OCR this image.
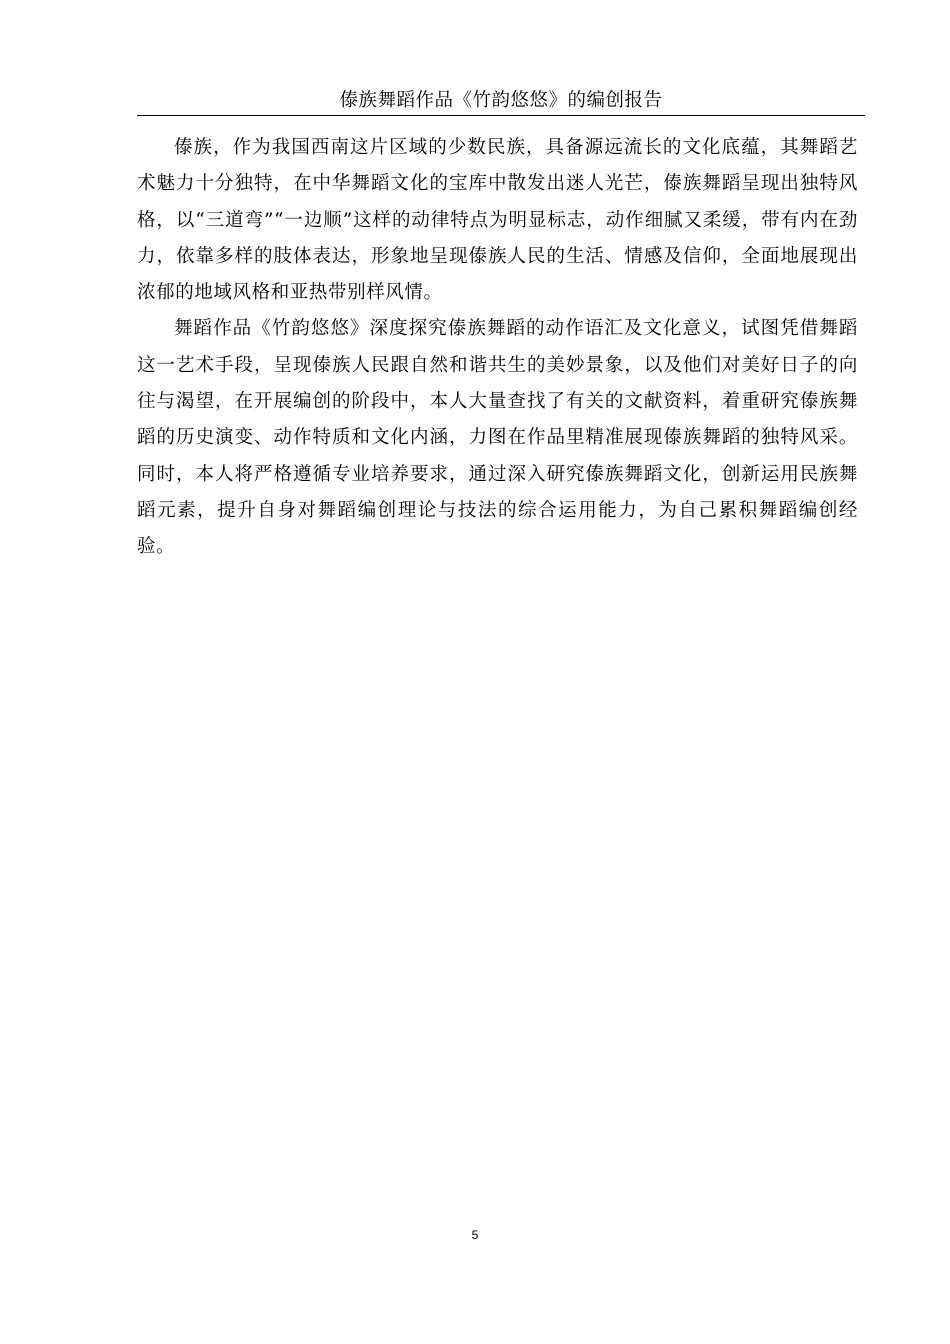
傣族舞蹈作品《竹韵悠悠》的编创报告

傣族，作为我国西南这片区域的少数民族，具备源远流长的文化底蕴，其舞蹈艺术魅力十分独特，在中华舞蹈文化的宝库中散发出迷人光芒，傣族舞蹈呈现出独特风格，以“三道弯”“一边顺”这样的动律特点为明显标志，动作细腻又柔缓，带有内在劲力，依靠多样的肢体表达，形象地呈现傣族人民的生活、情感及信仰，全面地展现出浓郁的地域风格和亚热带别样风情。

舞蹈作品《竹韵悠悠》深度探究傣族舞蹈的动作语汇及文化意义，试图凭借舞蹈这一艺术手段，呈现傣族人民跟自然和谐共生的美妙景象，以及他们对美好日子的向往与渴望，在开展编创的阶段中，本人大量查找了有关的文献资料，着重研究傣族舞蹈的历史演变、动作特质和文化内涵，力图在作品里精准展现傣族舞蹈的独特风采。同时，本人将严格遵循专业培养要求，通过深入研究傣族舞蹈文化，创新运用民族舞蹈元素，提升自身对舞蹈编创理论与技法的综合运用能力，为自己累积舞蹈编创经验。

5
